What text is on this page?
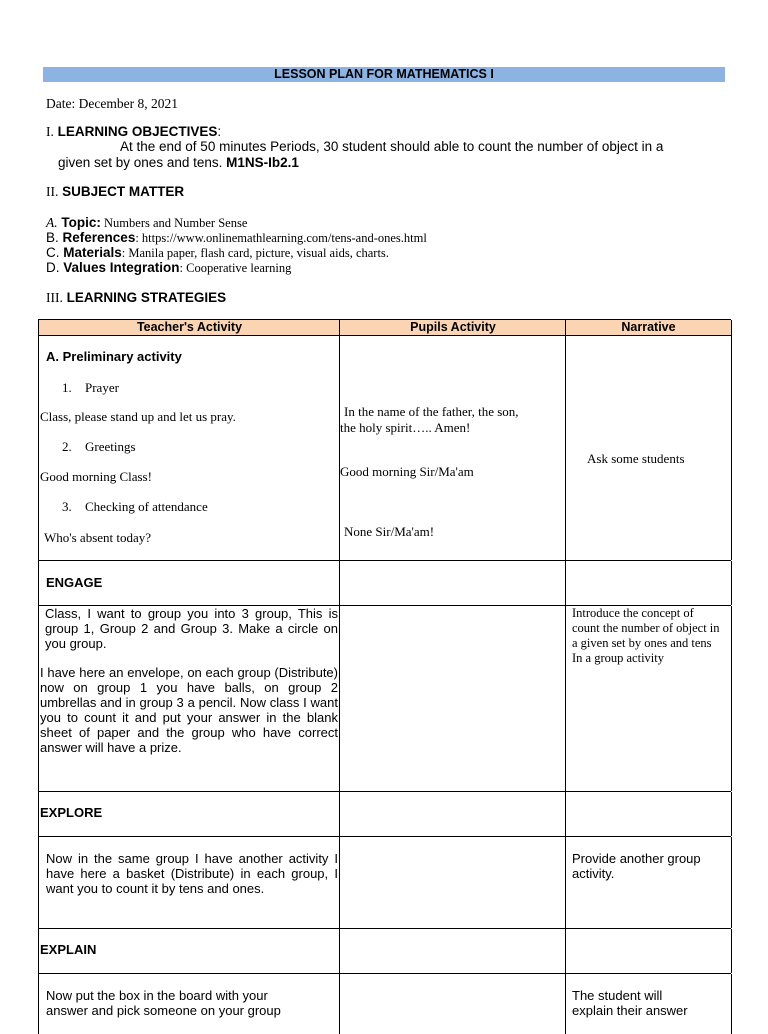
LESSON PLAN FOR MATHEMATICS I
Date: December 8, 2021
I. LEARNING OBJECTIVES:
At the end of 50 minutes Periods, 30 student should able to count the number of object in a
given set by ones and tens. M1NS-Ib2.1
II. SUBJECT MATTER
A. Topic: Numbers and Number Sense
B. References: https://www.onlinemathlearning.com/tens-and-ones.html
C. Materials: Manila paper, flash card, picture, visual aids, charts.
D. Values Integration: Cooperative learning
III. LEARNING STRATEGIES
Teacher's Activity	Pupils Activity	Narrative
A. Preliminary activity
1. Prayer
Class, please stand up and let us pray.
2. Greetings
Good morning Class!
3. Checking of attendance
Who's absent today?
In the name of the father, the son,
the holy spirit….. Amen!
Good morning Sir/Ma'am
None Sir/Ma'am!
Ask some students
ENGAGE
Class, I want to group you into 3 group, This is group 1, Group 2 and Group 3. Make a circle on you group.
I have here an envelope, on each group (Distribute) now on group 1 you have balls, on group 2 umbrellas and in group 3 a pencil. Now class I want you to count it and put your answer in the blank sheet of paper and the group who have correct answer will have a prize.
Introduce the concept of count the number of object in a given set by ones and tens In a group activity
EXPLORE
Now in the same group I have another activity I have here a basket (Distribute) in each group, I want you to count it by tens and ones.
Provide another group activity.
EXPLAIN
Now put the box in the board with your
answer and pick someone on your group
The student will
explain their answer
